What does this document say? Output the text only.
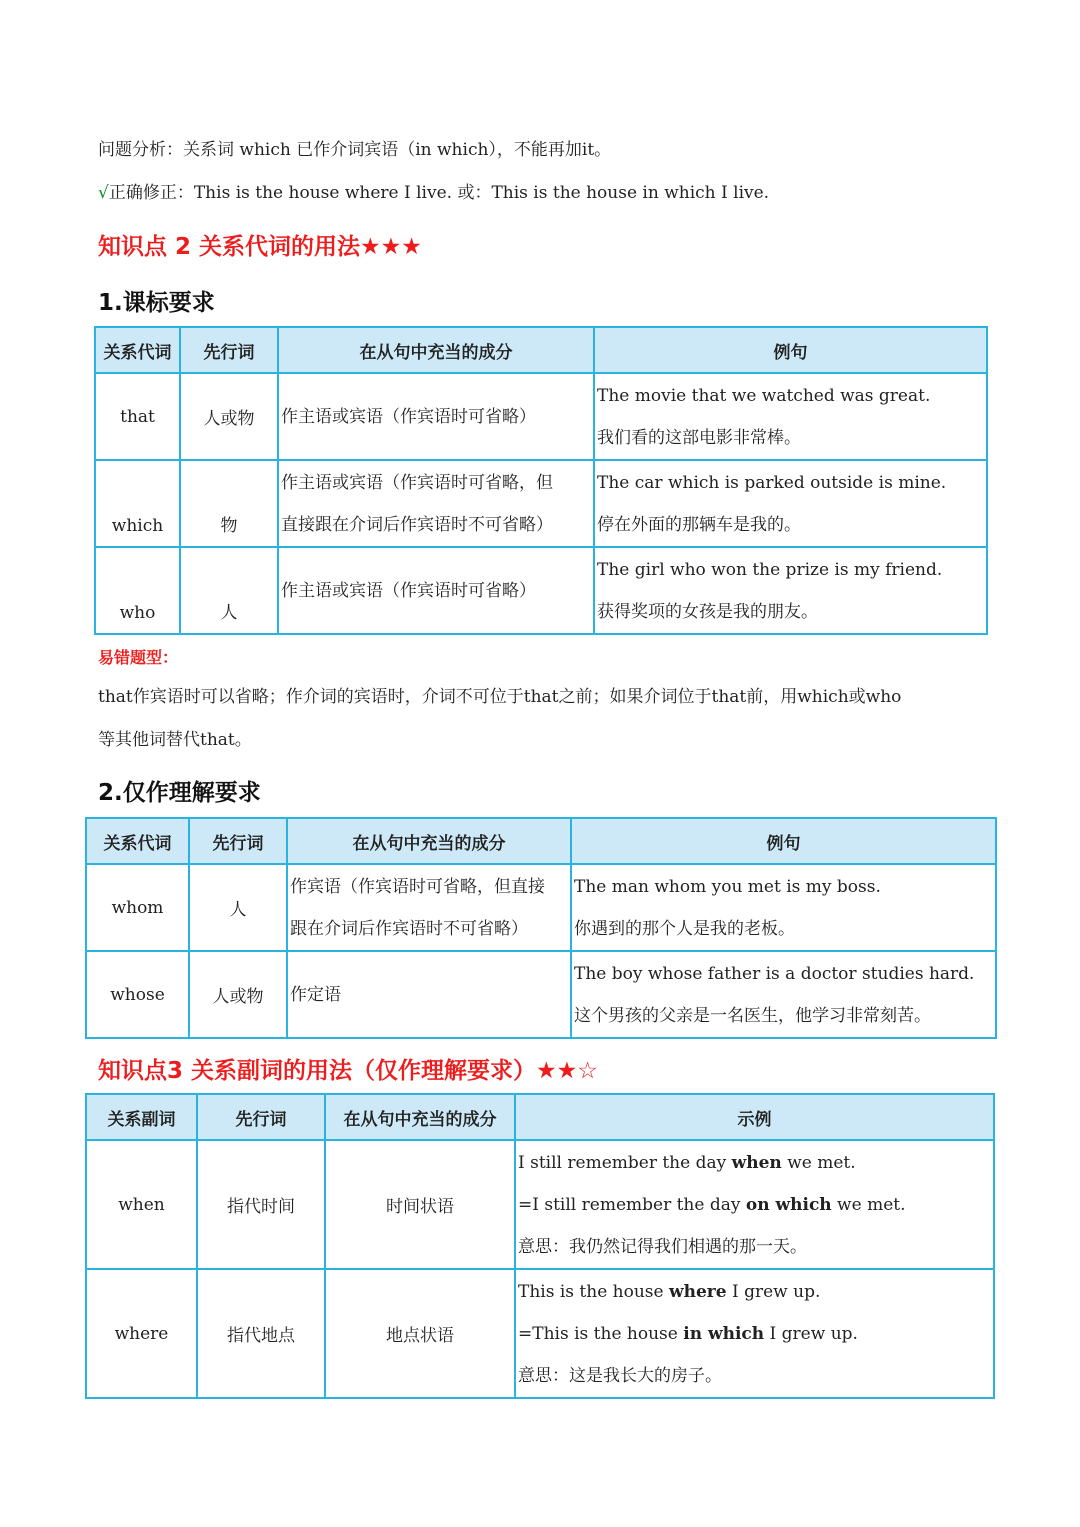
问题分析：关系词 which 已作介词宾语（in which），不能再加it。
√正确修正：This is the house where I live. 或：This is the house in which I live.
知识点 2 关系代词的用法★★★
1.课标要求
关系代词	先行词	在从句中充当的成分	例句
that	人或物	作主语或宾语（作宾语时可省略）	The movie that we watched was great.
我们看的这部电影非常棒。

which	物	作主语或宾语（作宾语时可省略，但
直接跟在介词后作宾语时不可省略）	The car which is parked outside is mine.
停在外面的那辆车是我的。

who	人	作主语或宾语（作宾语时可省略）	The girl who won the prize is my friend.
获得奖项的女孩是我的朋友。
易错题型：
that作宾语时可以省略；作介词的宾语时，介词不可位于that之前；如果介词位于that前，用which或who
等其他词替代that。
2.仅作理解要求
关系代词	先行词	在从句中充当的成分	例句
whom	人	作宾语（作宾语时可省略，但直接
跟在介词后作宾语时不可省略）	The man whom you met is my boss.
你遇到的那个人是我的老板。

whose	人或物	作定语	The boy whose father is a doctor studies hard.
这个男孩的父亲是一名医生，他学习非常刻苦。
知识点3 关系副词的用法（仅作理解要求）★★☆
关系副词	先行词	在从句中充当的成分	示例
when	指代时间	时间状语	I still remember the day when we met.
=I still remember the day on which we met.
意思：我仍然记得我们相遇的那一天。

where	指代地点	地点状语	This is the house where I grew up.
=This is the house in which I grew up.
意思：这是我长大的房子。
